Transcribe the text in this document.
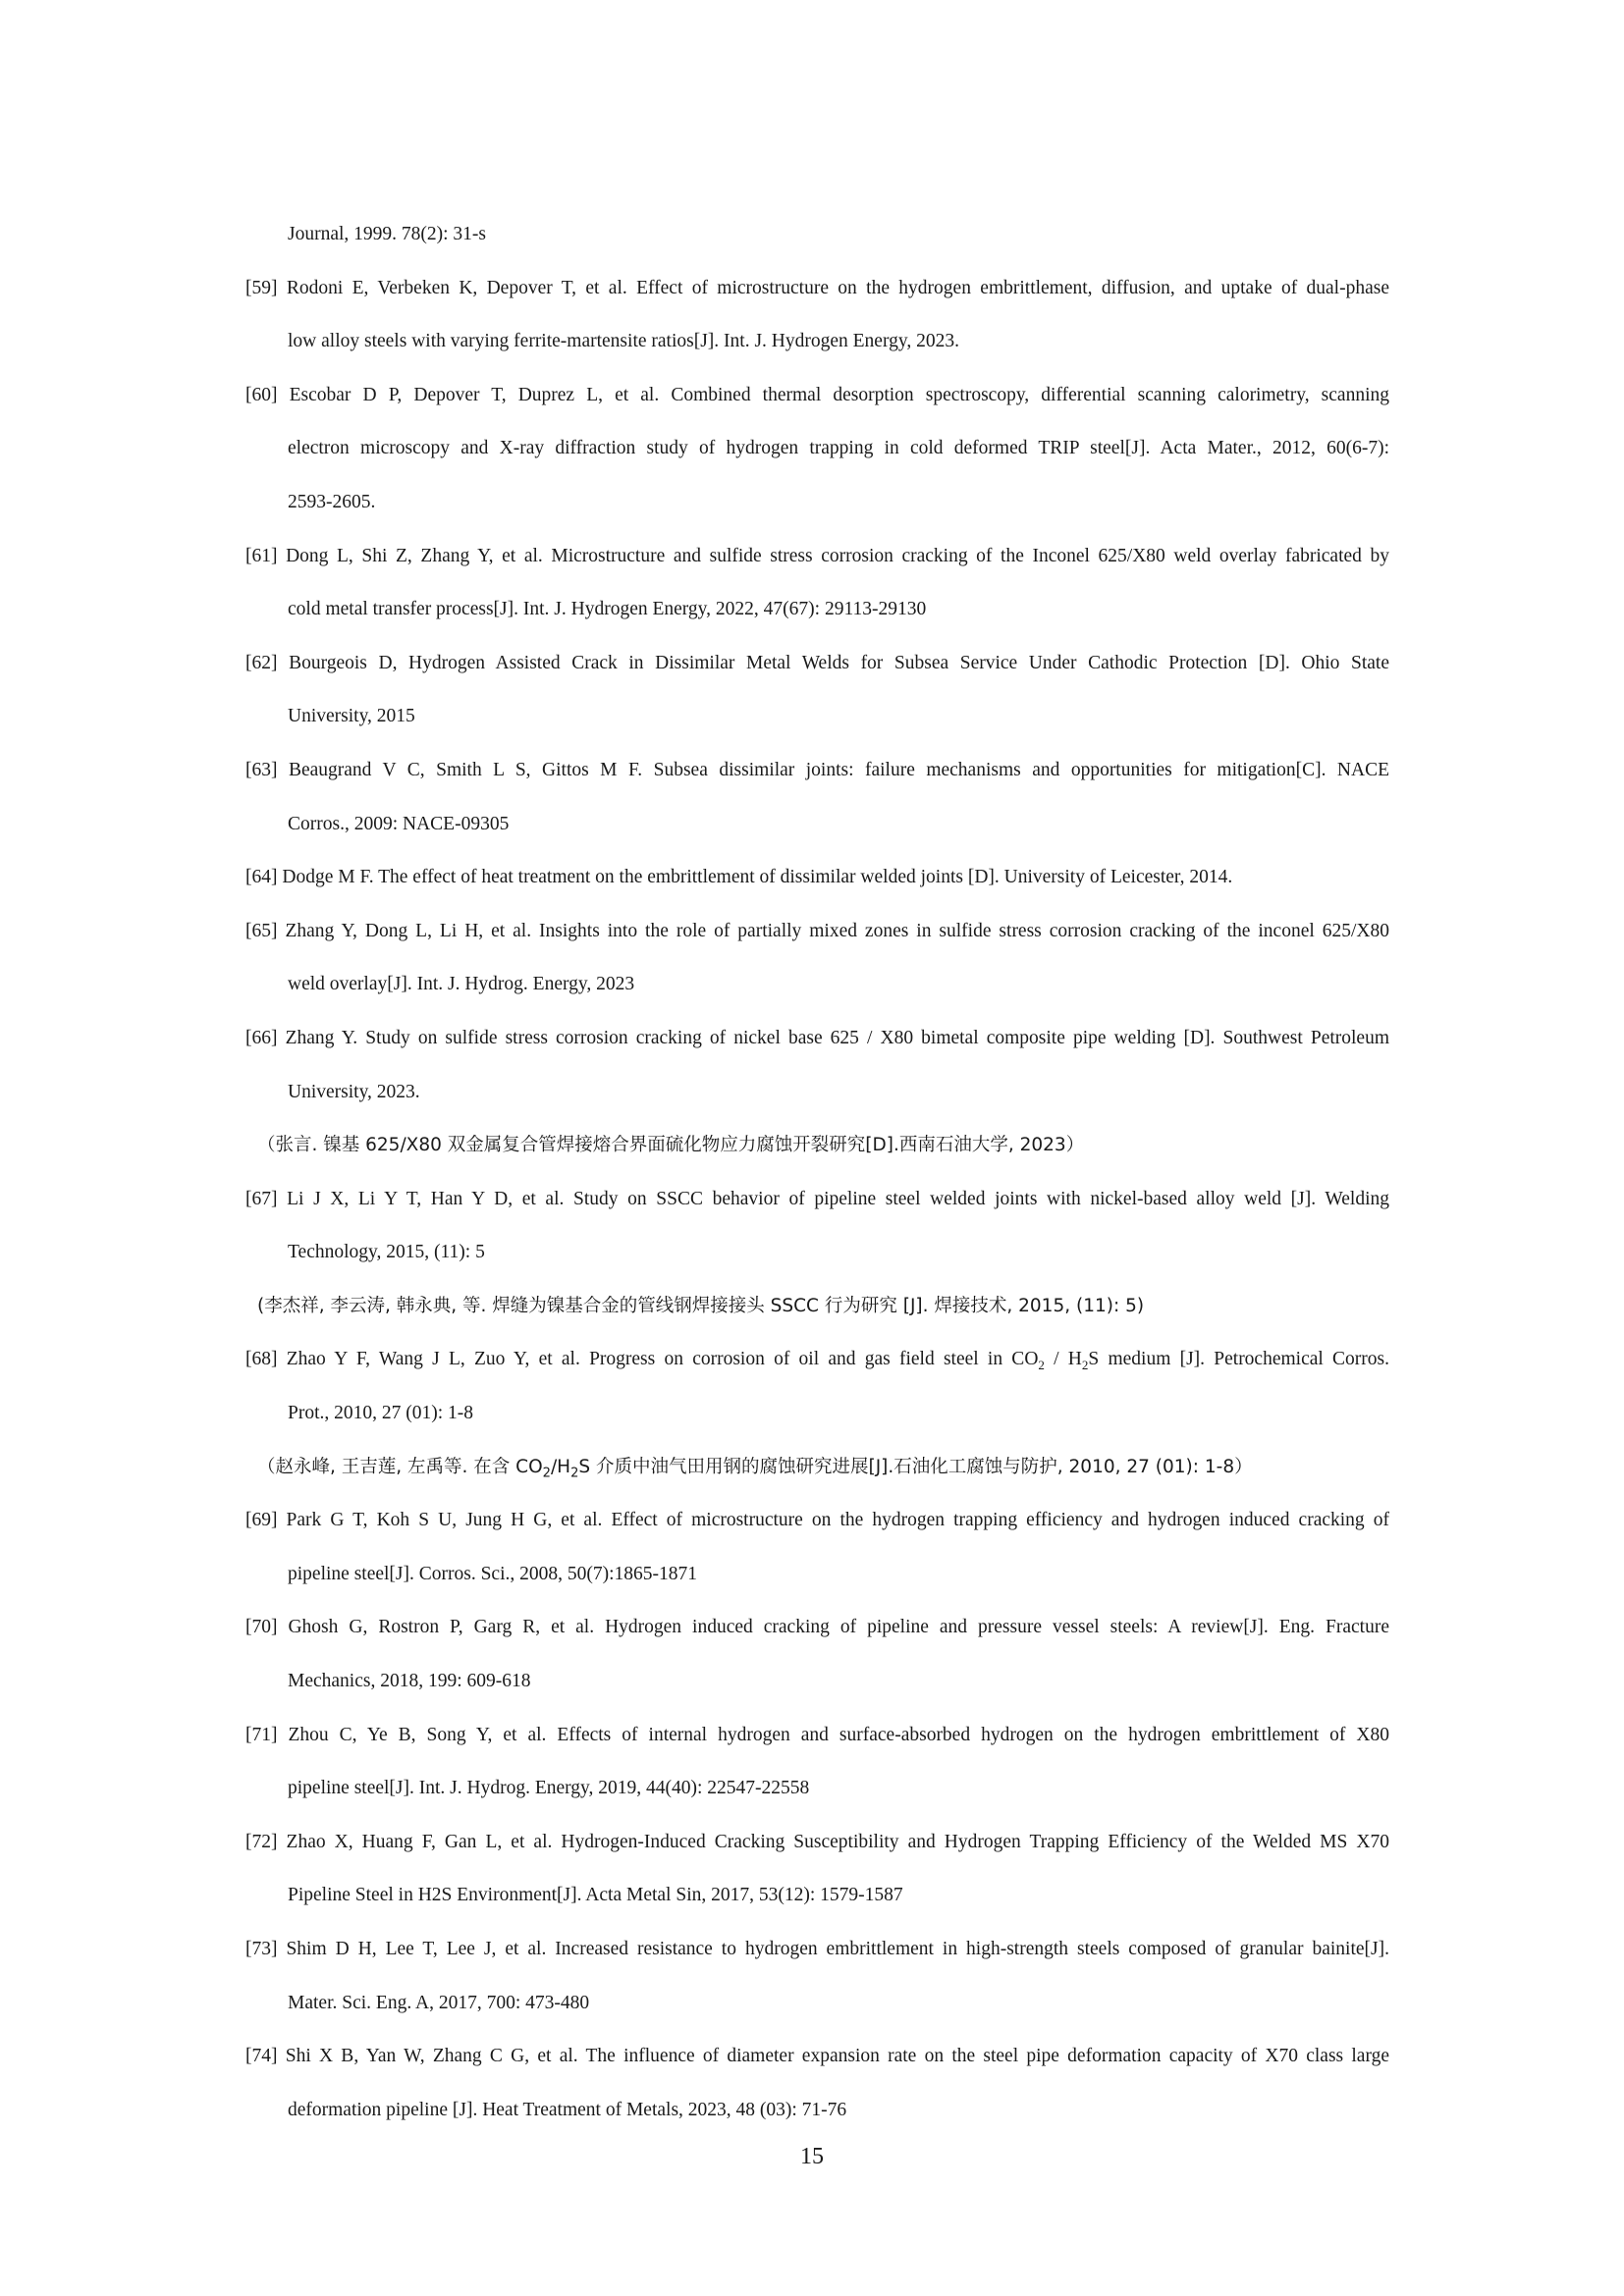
Journal, 1999. 78(2): 31-s
[59] Rodoni E, Verbeken K, Depover T, et al. Effect of microstructure on the hydrogen embrittlement, diffusion, and uptake of dual-phase
low alloy steels with varying ferrite-martensite ratios[J]. Int. J. Hydrogen Energy, 2023.
[60] Escobar D P, Depover T, Duprez L, et al. Combined thermal desorption spectroscopy, differential scanning calorimetry, scanning
electron microscopy and X-ray diffraction study of hydrogen trapping in cold deformed TRIP steel[J]. Acta Mater., 2012, 60(6-7):
2593-2605.
[61] Dong L, Shi Z, Zhang Y, et al. Microstructure and sulfide stress corrosion cracking of the Inconel 625/X80 weld overlay fabricated by
cold metal transfer process[J]. Int. J. Hydrogen Energy, 2022, 47(67): 29113-29130
[62] Bourgeois D, Hydrogen Assisted Crack in Dissimilar Metal Welds for Subsea Service Under Cathodic Protection [D]. Ohio State
University, 2015
[63] Beaugrand V C, Smith L S, Gittos M F. Subsea dissimilar joints: failure mechanisms and opportunities for mitigation[C]. NACE
Corros., 2009: NACE-09305
[64] Dodge M F. The effect of heat treatment on the embrittlement of dissimilar welded joints [D]. University of Leicester, 2014.
[65] Zhang Y, Dong L, Li H, et al. Insights into the role of partially mixed zones in sulfide stress corrosion cracking of the inconel 625/X80
weld overlay[J]. Int. J. Hydrog. Energy, 2023
[66] Zhang Y. Study on sulfide stress corrosion cracking of nickel base 625 / X80 bimetal composite pipe welding [D]. Southwest Petroleum
University, 2023.
（张言. 镍基 625/X80 双金属复合管焊接熔合界面硫化物应力腐蚀开裂研究[D].西南石油大学, 2023）
[67] Li J X, Li Y T, Han Y D, et al. Study on SSCC behavior of pipeline steel welded joints with nickel-based alloy weld [J]. Welding
Technology, 2015, (11): 5
(李杰祥, 李云涛, 韩永典, 等. 焊缝为镍基合金的管线钢焊接接头 SSCC 行为研究 [J]. 焊接技术, 2015, (11): 5)
[68] Zhao Y F, Wang J L, Zuo Y, et al. Progress on corrosion of oil and gas field steel in $CO_2 / H_2S$ medium [J]. Petrochemical Corros.
Prot., 2010, 27 (01): 1-8
（赵永峰, 王吉莲, 左禹等. 在含 $CO_2/H_2S$ 介质中油气田用钢的腐蚀研究进展[J].石油化工腐蚀与防护, 2010, 27 (01): 1-8）
[69] Park G T, Koh S U, Jung H G, et al. Effect of microstructure on the hydrogen trapping efficiency and hydrogen induced cracking of
pipeline steel[J]. Corros. Sci., 2008, 50(7):1865-1871
[70] Ghosh G, Rostron P, Garg R, et al. Hydrogen induced cracking of pipeline and pressure vessel steels: A review[J]. Eng. Fracture
Mechanics, 2018, 199: 609-618
[71] Zhou C, Ye B, Song Y, et al. Effects of internal hydrogen and surface-absorbed hydrogen on the hydrogen embrittlement of X80
pipeline steel[J]. Int. J. Hydrog. Energy, 2019, 44(40): 22547-22558
[72] Zhao X, Huang F, Gan L, et al. Hydrogen-Induced Cracking Susceptibility and Hydrogen Trapping Efficiency of the Welded MS X70
Pipeline Steel in H2S Environment[J]. Acta Metal Sin, 2017, 53(12): 1579-1587
[73] Shim D H, Lee T, Lee J, et al. Increased resistance to hydrogen embrittlement in high-strength steels composed of granular bainite[J].
Mater. Sci. Eng. A, 2017, 700: 473-480
[74] Shi X B, Yan W, Zhang C G, et al. The influence of diameter expansion rate on the steel pipe deformation capacity of X70 class large
deformation pipeline [J]. Heat Treatment of Metals, 2023, 48 (03): 71-76
15
